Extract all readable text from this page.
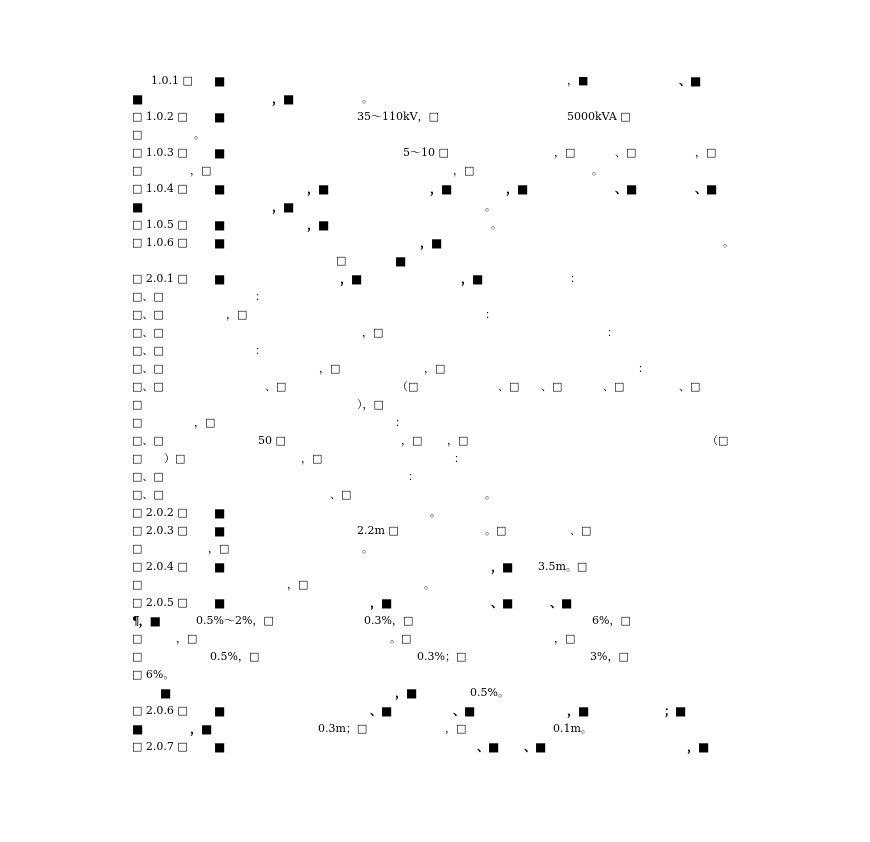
1.0.1 □ ■	，■	、■
■	，■	。
□ 1.0.2 □ ■	35～110kV，□	5000kVA □
□	。
□ 1.0.3 □ ■	5～10 □	，□	、□	，□
□	，□	，□	。
□ 1.0.4 □ ■	，■	，■	，■	、■	、■
■	，■	。
□ 1.0.5 □ ■	，■	。
□ 1.0.6 □ ■	，■	。
□	■
□ 2.0.1 □ ■	，■	，■	：
□、□	：
□、□	，□	：
□、□	，□	：
□、□	：
□、□	，□	，□	：
□、□	、□	（□	、□ 、□	、□	、□
□	），□
□	，□	：
□、□	50 □	，□ ，□	（□
□ ）□	，□	：
□、□	：
□、□	、□	。
□ 2.0.2 □ ■	。
□ 2.0.3 □ ■	2.2m □	。□	、□
□	，□	。
□ 2.0.4 □ ■	，■ 3.5m。□
□	，□	。
□ 2.0.5 □ ■	，■	、■	、■
¶，■	0.5%～2%，□	0.3%，□	6%，□
□	，□	。□	，□
□	0.5%，□	0.3%；□	3%，□
□ 6%。
■	，■	0.5%。
□ 2.0.6 □ ■	、■	、■	，■	；■
■	，■	0.3m；□	，□	0.1m。
□ 2.0.7 □ ■	、■ 、■	，■
